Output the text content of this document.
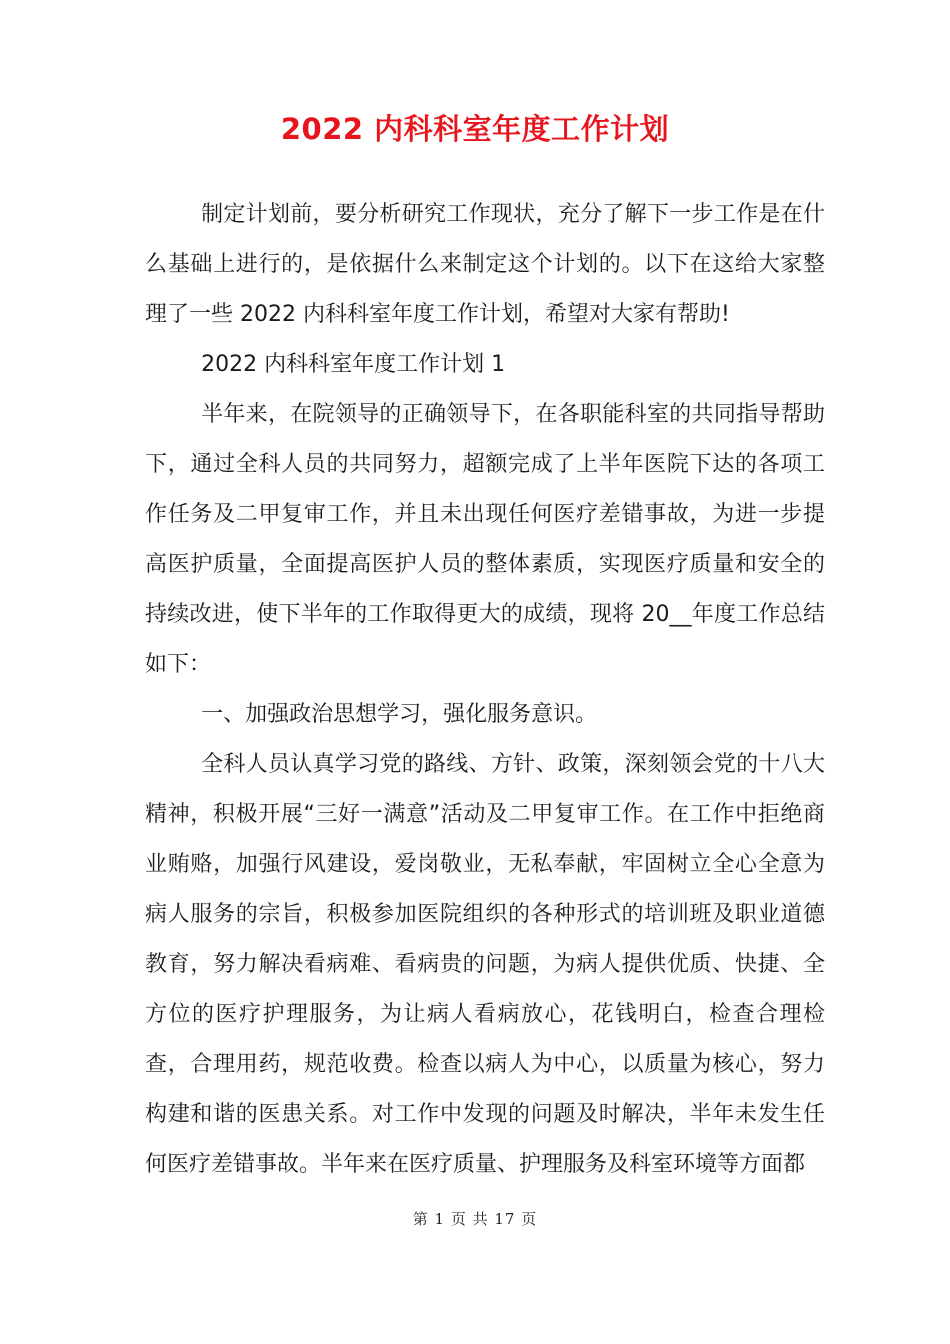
2022 内科科室年度工作计划

制定计划前，要分析研究工作现状，充分了解下一步工作是在什么基础上进行的，是依据什么来制定这个计划的。以下在这给大家整理了一些 2022 内科科室年度工作计划，希望对大家有帮助!

2022 内科科室年度工作计划 1

半年来，在院领导的正确领导下，在各职能科室的共同指导帮助下，通过全科人员的共同努力，超额完成了上半年医院下达的各项工作任务及二甲复审工作，并且未出现任何医疗差错事故，为进一步提高医护质量，全面提高医护人员的整体素质，实现医疗质量和安全的持续改进，使下半年的工作取得更大的成绩，现将 20__年度工作总结如下：

一、加强政治思想学习，强化服务意识。

全科人员认真学习党的路线、方针、政策，深刻领会党的十八大精神，积极开展“三好一满意”活动及二甲复审工作。在工作中拒绝商业贿赂，加强行风建设，爱岗敬业，无私奉献，牢固树立全心全意为病人服务的宗旨，积极参加医院组织的各种形式的培训班及职业道德教育，努力解决看病难、看病贵的问题，为病人提供优质、快捷、全方位的医疗护理服务，为让病人看病放心，花钱明白，检查合理检查，合理用药，规范收费。检查以病人为中心，以质量为核心，努力构建和谐的医患关系。对工作中发现的问题及时解决，半年未发生任何医疗差错事故。半年来在医疗质量、护理服务及科室环境等方面都

第 1 页 共 17 页
